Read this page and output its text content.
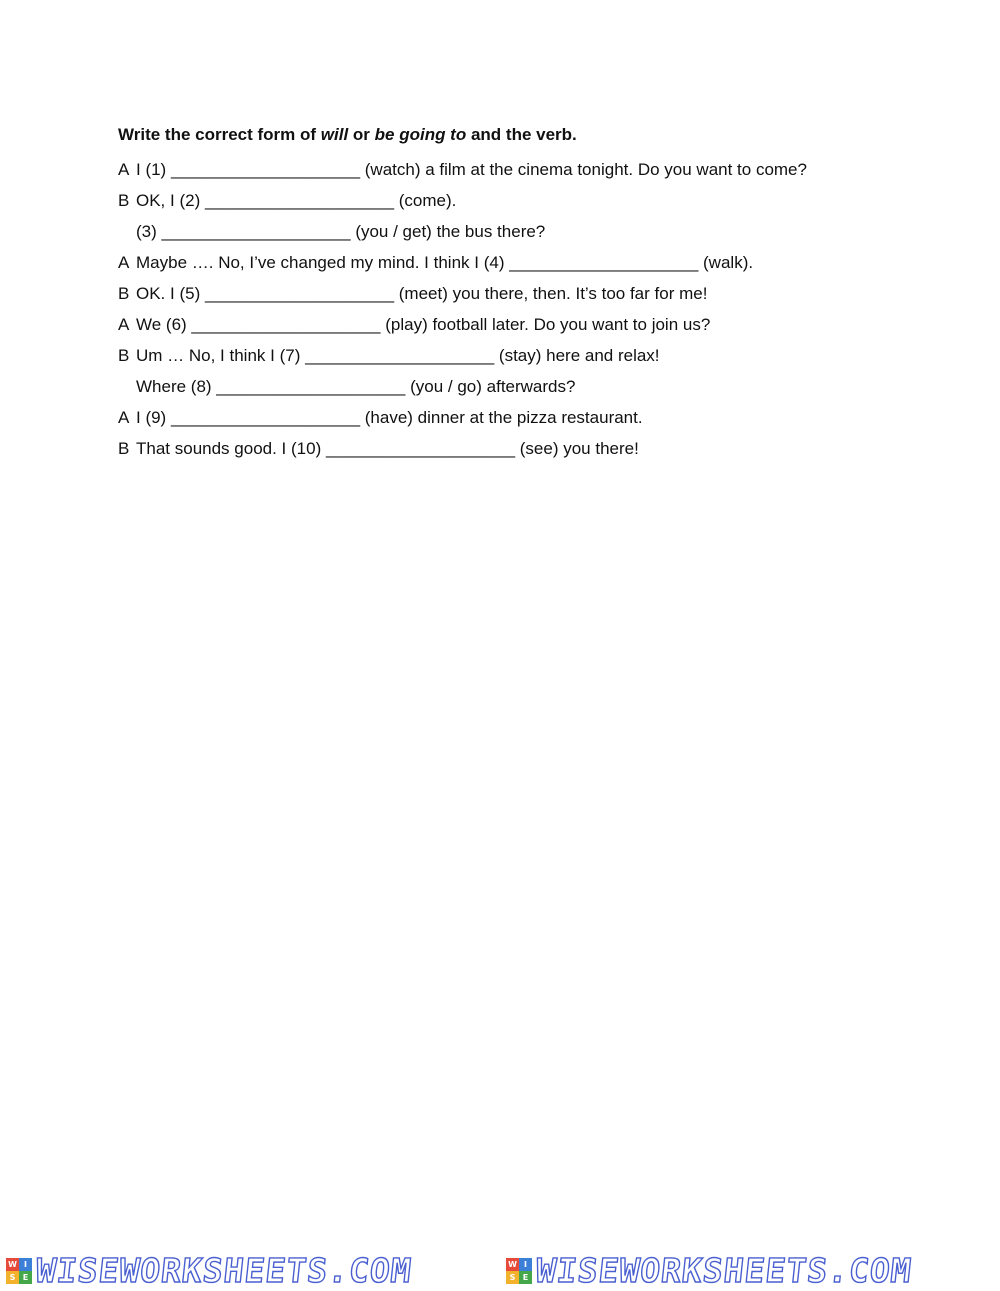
Write the correct form of will or be going to and the verb.
A I (1) ____________________ (watch) a film at the cinema tonight. Do you want to come?
B OK, I (2) ____________________ (come).
(3) ____________________ (you / get) the bus there?
A Maybe …. No, I’ve changed my mind. I think I (4) ____________________ (walk).
B OK. I (5) ____________________ (meet) you there, then. It’s too far for me!
A We (6) ____________________ (play) football later. Do you want to join us?
B Um … No, I think I (7) ____________________ (stay) here and relax!
Where (8) ____________________ (you / go) afterwards?
A I (9) ____________________ (have) dinner at the pizza restaurant.
B That sounds good. I (10) ____________________ (see) you there!
W I
S E WISEWORKSHEETS.COM	W I
S E WISEWORKSHEETS.COM
